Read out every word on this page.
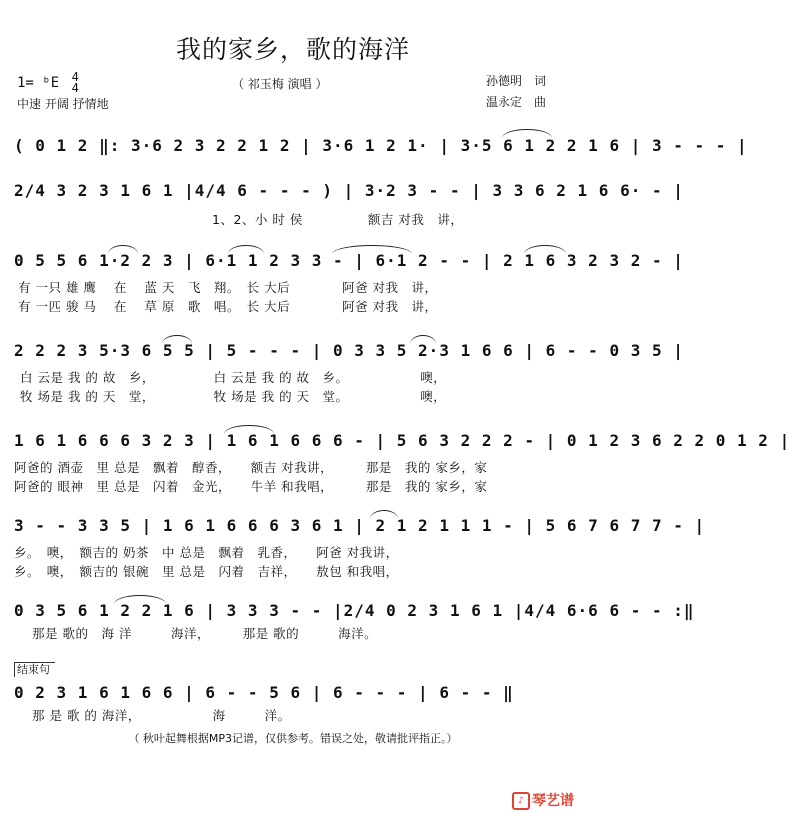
我的家乡，歌的海洋
1= ᵇE 4
4	（ 祁玉梅 演唱 ）	孙德明　词
温永定　曲
中速 开阔 抒情地
( 0 1 2 ‖: 3·6 2 3 2 2 1 2 | 3·6 1 2 1· | 3·5 6 1 2 2 1 6 | 3 - - - |
2/4 3 2 3 1 6 1 |4/4 6 - - - ) | 3·2 3 - - | 3 3 6 2 1 6 6· - |
1、2、小 时 侯　　　　　额吉 对我　讲，
0 5 5 6 1·2 2 3 | 6·1 1 2 3 3 - | 6·1 2 - - | 2 1 6 3 2 3 2 - |
有 一只 雄 鹰　 在　 蓝 天　飞　翔。　长 大后　　　　阿爸 对我　讲，
有 一匹 骏 马　 在　 草 原　歌　唱。　长 大后　　　　阿爸 对我　讲，
2 2 2 3 5·3 6 5 5 | 5 - - - | 0 3 3 5 2·3 1 6 6 | 6 - - 0 3 5 |
白 云是 我 的 故　乡，　　　　　白 云是 我 的 故　乡。　　　　　　噢，
牧 场是 我 的 天　堂，　　　　　牧 场是 我 的 天　堂。　　　　　　噢，
1 6 1 6 6 6 3 2 3 | 1 6 1 6 6 6 - | 5 6 3 2 2 2 - | 0 1 2 3 6 2 2 0 1 2 |
阿爸的 酒壶　里 总是　飘着　醇香，　　额吉 对我讲，　　　那是　我的 家乡，家
阿爸的 眼神　里 总是　闪着　金光，　　牛羊 和我唱，　　　那是　我的 家乡，家
3 - - 3 3 5 | 1 6 1 6 6 6 3 6 1 | 2 1 2 1 1 1 - | 5 6 7 6 7 7 - |
乡。　噢，　额吉的 奶茶　中 总是　飘着　乳香，　　阿爸 对我讲，
乡。　噢，　额吉的 银碗　里 总是　闪着　吉祥，　　敖包 和我唱，
0 3 5 6 1 2 2 1 6 | 3 3 3 - - |2/4 0 2 3 1 6 1 |4/4 6·6 6 - - :‖
那是 歌的　海 洋　　　海洋，　　　那是 歌的　　　海洋。
结束句
0 2 3 1 6 1 6 6 | 6 - - 5 6 | 6 - - - | 6 - - ‖
那 是 歌 的 海洋，　　　　　　海　　　洋。
（ 秋叶起舞根据MP3记谱，仅供参考。错误之处，敬请批评指正。）
♪ 琴艺谱
